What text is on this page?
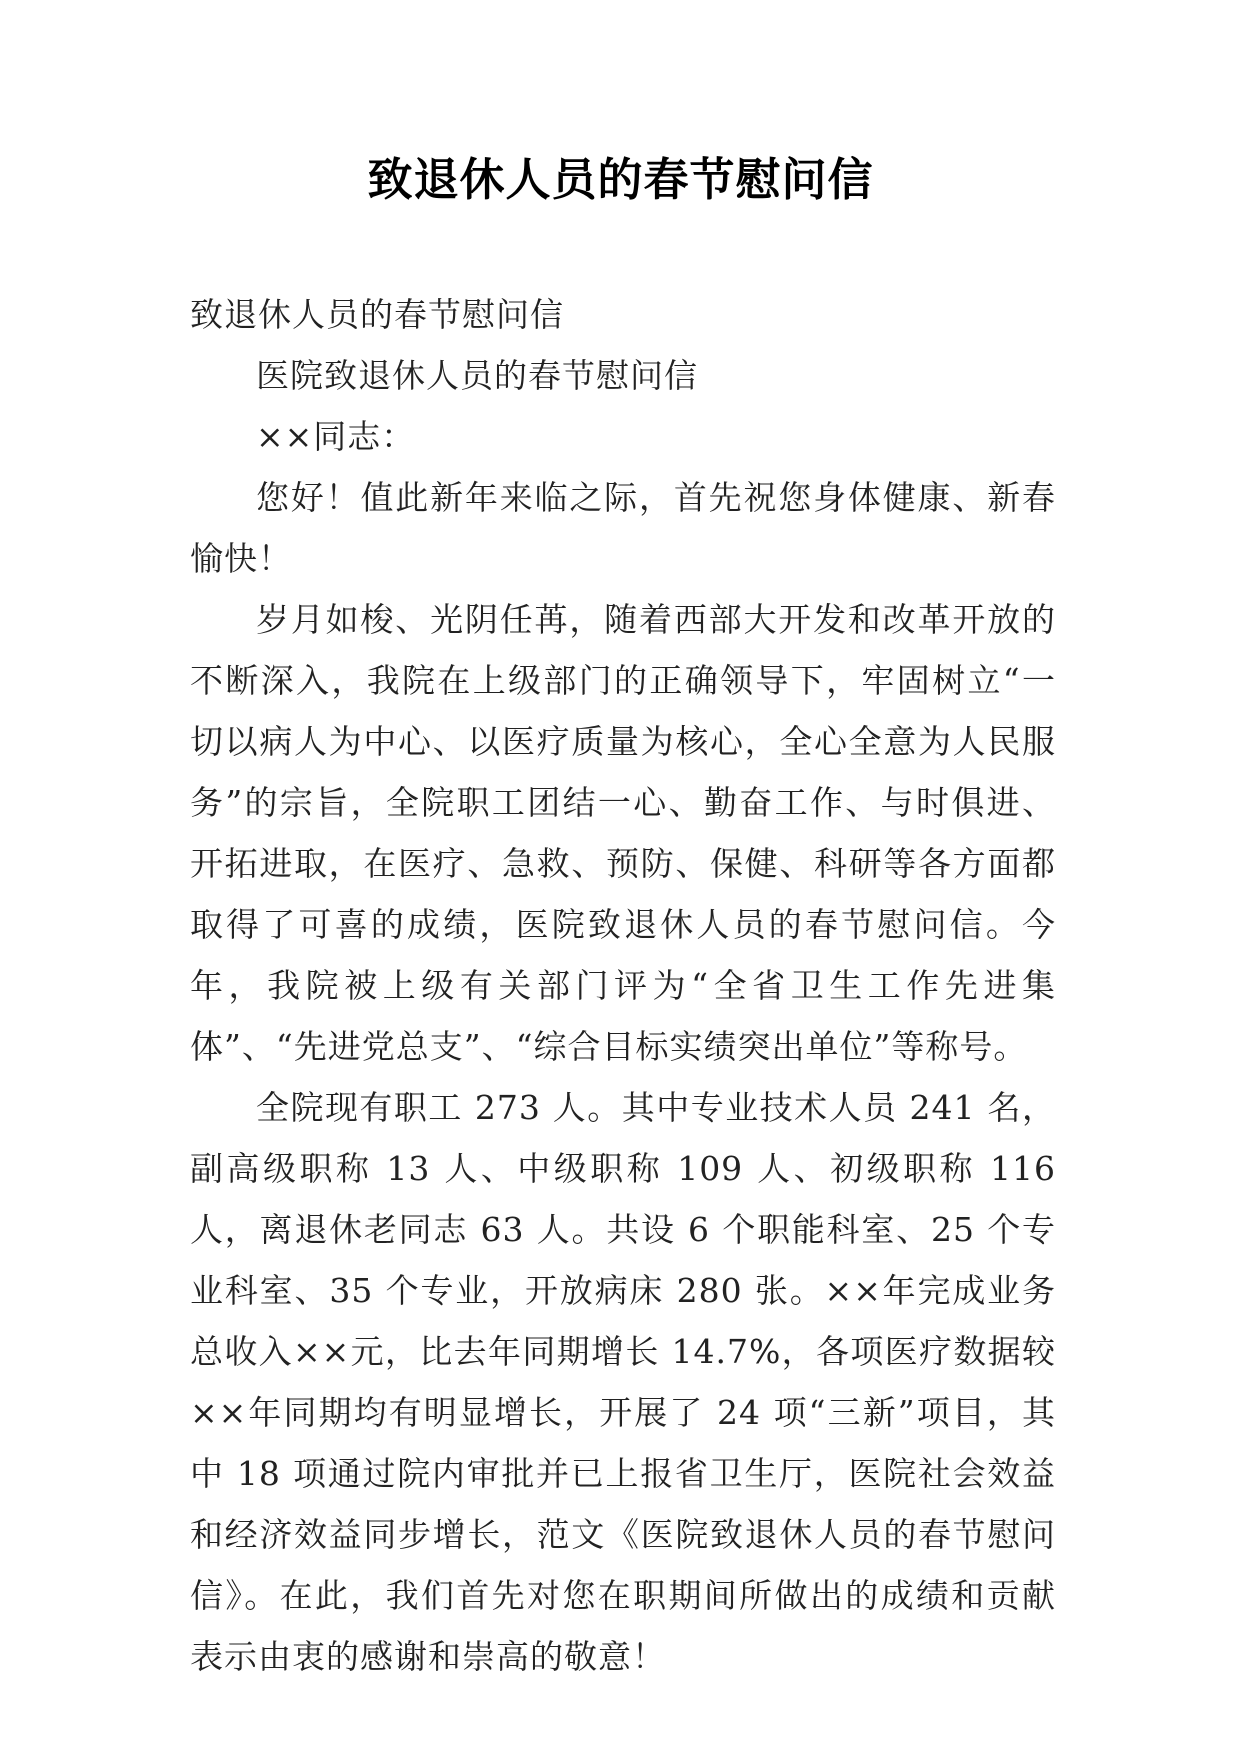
致退休人员的春节慰问信

致退休人员的春节慰问信

医院致退休人员的春节慰问信

××同志：

您好！值此新年来临之际，首先祝您身体健康、新春愉快！

岁月如梭、光阴任苒，随着西部大开发和改革开放的不断深入，我院在上级部门的正确领导下，牢固树立“一切以病人为中心、以医疗质量为核心，全心全意为人民服务”的宗旨，全院职工团结一心、勤奋工作、与时俱进、开拓进取，在医疗、急救、预防、保健、科研等各方面都取得了可喜的成绩，医院致退休人员的春节慰问信。今年，我院被上级有关部门评为“全省卫生工作先进集体”、“先进党总支”、“综合目标实绩突出单位”等称号。

全院现有职工 273 人。其中专业技术人员 241 名，副高级职称 13 人、中级职称 109 人、初级职称 116 人，离退休老同志 63 人。共设 6 个职能科室、25 个专业科室、35 个专业，开放病床 280 张。××年完成业务总收入××元，比去年同期增长 14.7%，各项医疗数据较××年同期均有明显增长，开展了 24 项“三新”项目，其中 18 项通过院内审批并已上报省卫生厅，医院社会效益和经济效益同步增长，范文《医院致退休人员的春节慰问信》。在此，我们首先对您在职期间所做出的成绩和贡献表示由衷的感谢和崇高的敬意！
